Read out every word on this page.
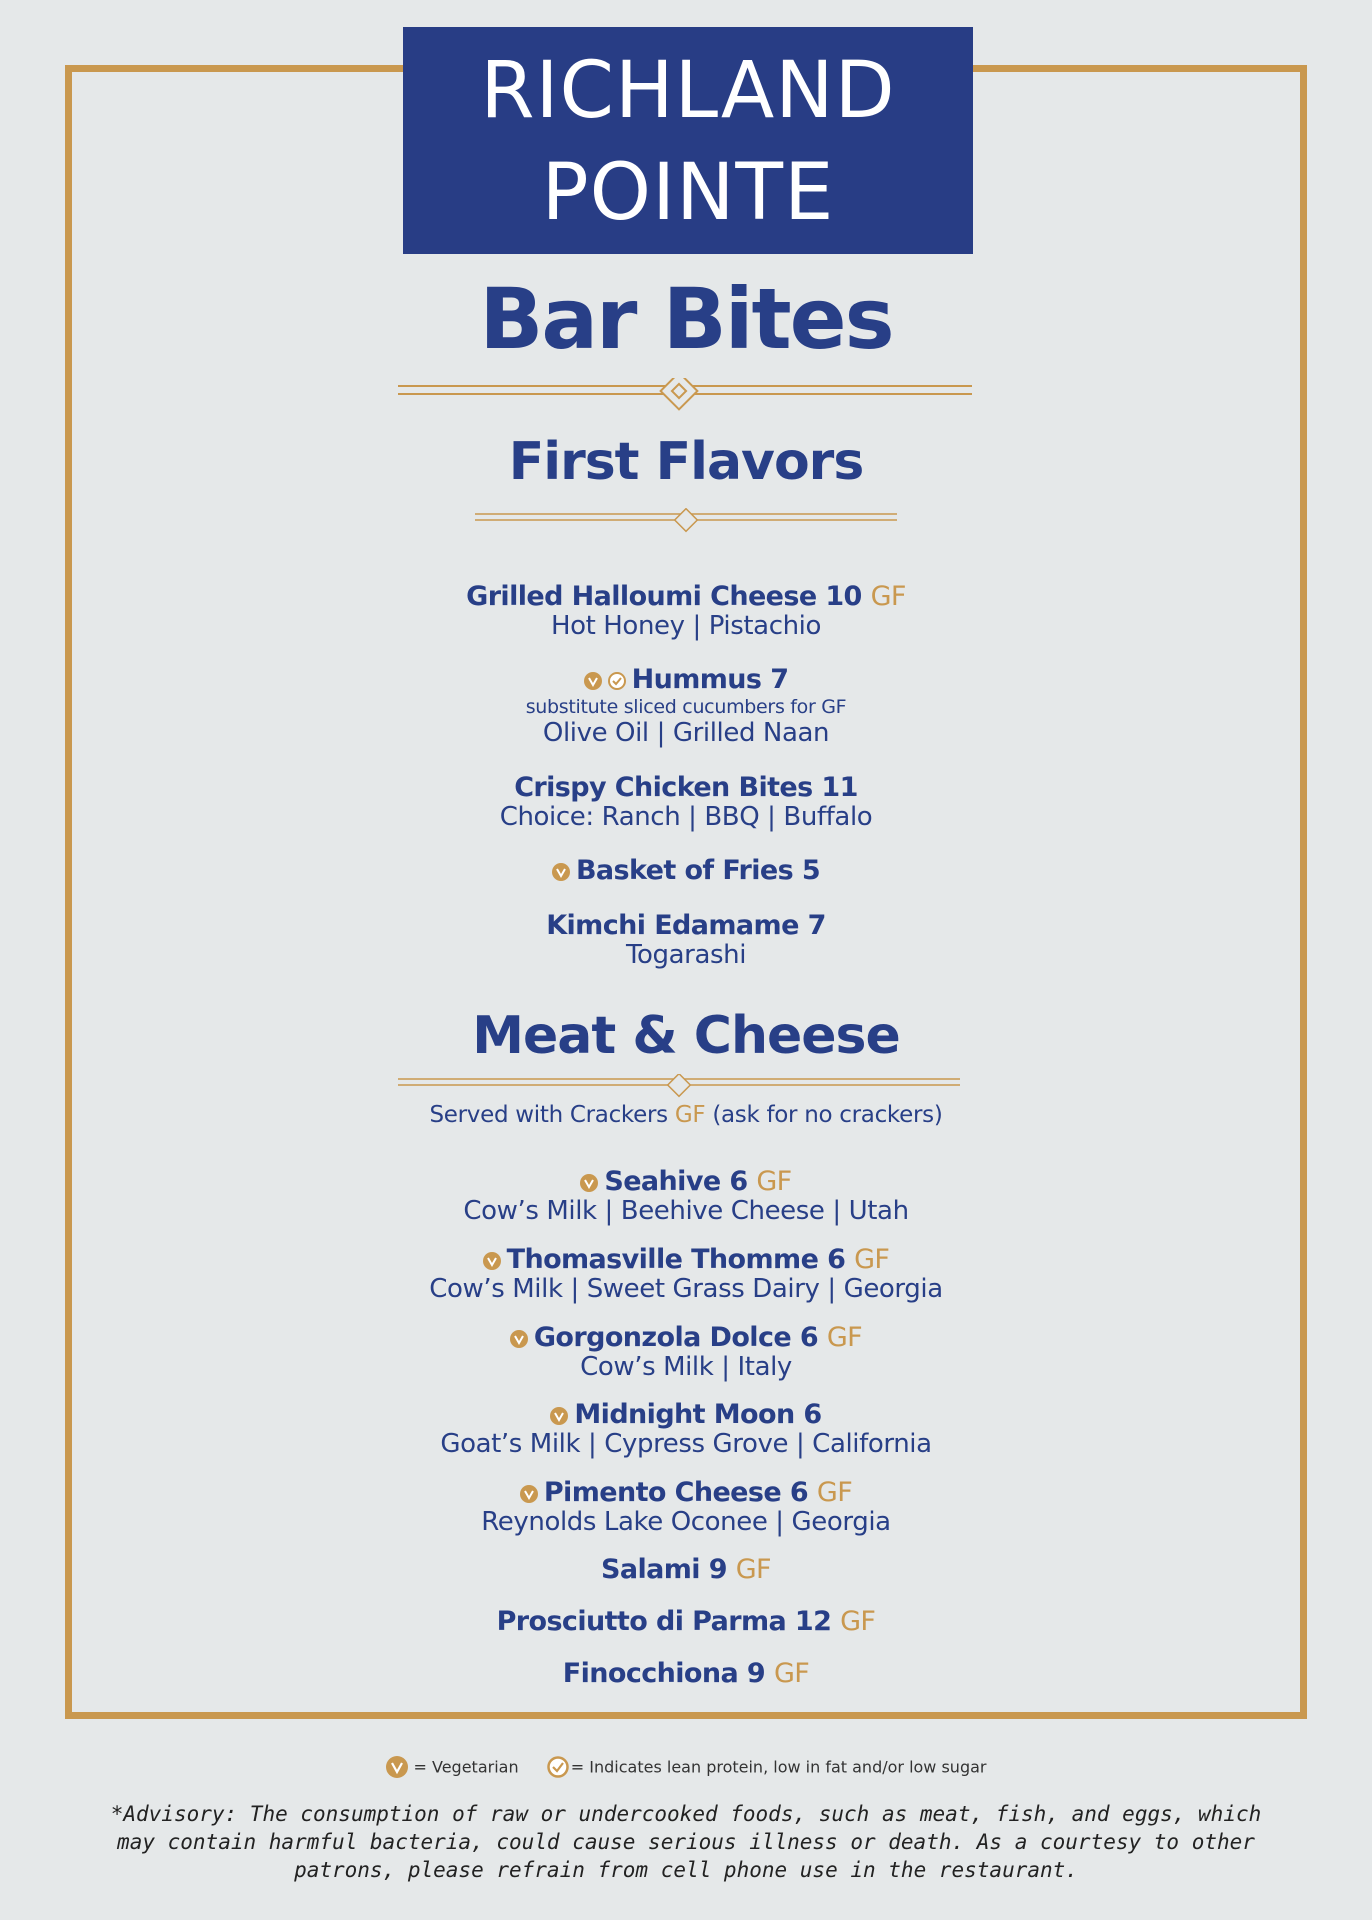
RICHLAND
POINTE
Bar Bites
First Flavors
Grilled Halloumi Cheese 10 GF
Hot Honey | Pistachio
Hummus 7
substitute sliced cucumbers for GF
Olive Oil | Grilled Naan
Crispy Chicken Bites 11
Choice: Ranch | BBQ | Buffalo
Basket of Fries 5
Kimchi Edamame 7
Togarashi
Meat & Cheese
Served with Crackers GF (ask for no crackers)
Seahive 6 GF
Cow’s Milk | Beehive Cheese | Utah
Thomasville Thomme 6 GF
Cow’s Milk | Sweet Grass Dairy | Georgia
Gorgonzola Dolce 6 GF
Cow’s Milk | Italy
Midnight Moon 6
Goat’s Milk | Cypress Grove | California
Pimento Cheese 6 GF
Reynolds Lake Oconee | Georgia
Salami 9 GF
Prosciutto di Parma 12 GF
Finocchiona 9 GF
= Vegetarian	= Indicates lean protein, low in fat and/or low sugar
*Advisory: The consumption of raw or undercooked foods, such as meat, fish, and eggs, which may contain harmful bacteria, could cause serious illness or death. As a courtesy to other patrons, please refrain from cell phone use in the restaurant.
